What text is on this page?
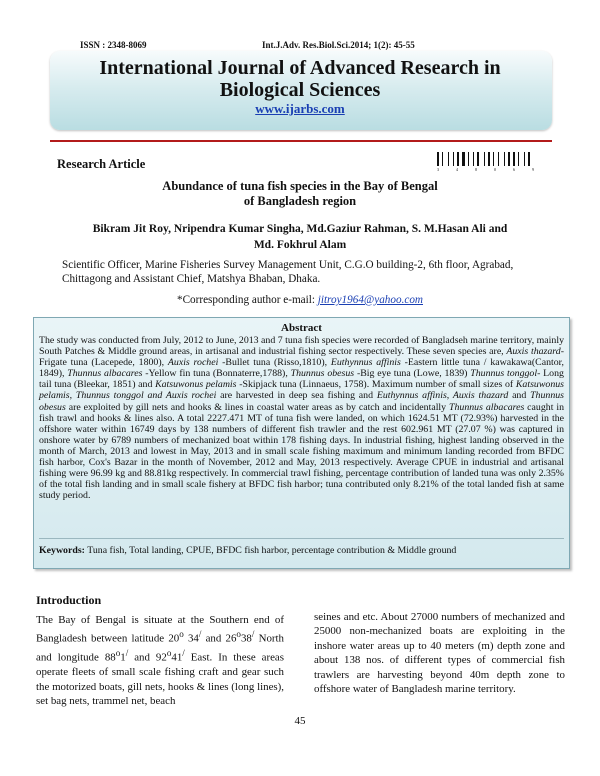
ISSN : 2348-8069	Int.J.Adv. Res.Biol.Sci.2014; 1(2): 45-55
International Journal of Advanced Research in
Biological Sciences
www.ijarbs.com
Research Article	3 4 8 0 6 9
Abundance of tuna fish species in the Bay of Bengal
of Bangladesh region
Bikram Jit Roy, Nripendra Kumar Singha, Md.Gaziur Rahman, S. M.Hasan Ali and
Md. Fokhrul Alam
Scientific Officer, Marine Fisheries Survey Management Unit, C.G.O building-2, 6th floor, Agrabad,
Chittagong and Assistant Chief, Matshya Bhaban, Dhaka.
*Corresponding author e-mail: jitroy1964@yahoo.com
Abstract
The study was conducted from July, 2012 to June, 2013 and 7 tuna fish species were recorded of Bangladseh marine territory, mainly South Patches & Middle ground areas, in artisanal and industrial fishing sector respectively. These seven species are, Auxis thazard- Frigate tuna (Lacepede, 1800), Auxis rochei -Bullet tuna (Risso,1810), Euthynnus affinis -Eastern little tuna / kawakawa(Cantor, 1849), Thunnus albacares -Yellow fin tuna (Bonnaterre,1788), Thunnus obesus -Big eye tuna (Lowe, 1839) Thunnus tonggol- Long tail tuna (Bleekar, 1851) and Katsuwonus pelamis -Skipjack tuna (Linnaeus, 1758). Maximum number of small sizes of Katsuwonus pelamis, Thunnus tonggol and Auxis rochei are harvested in deep sea fishing and Euthynnus affinis, Auxis thazard and Thunnus obesus are exploited by gill nets and hooks & lines in coastal water areas as by catch and incidentally Thunnus albacares caught in fish trawl and hooks & lines also. A total 2227.471 MT of tuna fish were landed, on which 1624.51 MT (72.93%) harvested in the offshore water within 16749 days by 138 numbers of different fish trawler and the rest 602.961 MT (27.07 %) was captured in onshore water by 6789 numbers of mechanized boat within 178 fishing days. In industrial fishing, highest landing observed in the month of March, 2013 and lowest in May, 2013 and in small scale fishing maximum and minimum landing recorded from BFDC fish harbor, Cox's Bazar in the month of November, 2012 and May, 2013 respectively. Average CPUE in industrial and artisanal fishing were 96.99 kg and 88.81kg respectively. In commercial trawl fishing, percentage contribution of landed tuna was only 2.35% of the total fish landing and in small scale fishery at BFDC fish harbor; tuna contributed only 8.21% of the total landed fish at same study period.
Keywords: Tuna fish, Total landing, CPUE, BFDC fish harbor, percentage contribution & Middle ground
Introduction
The Bay of Bengal is situate at the Southern end of Bangladesh between latitude 20$^o$ 34/ and 26$^o$38/ North and longitude 88$^o$1/ and 92$^o$41/ East. In these areas operate fleets of small scale fishing craft and gear such the motorized boats, gill nets, hooks & lines (long lines), set bag nets, trammel net, beach
seines and etc. About 27000 numbers of mechanized and 25000 non-mechanized boats are exploiting in the inshore water areas up to 40 meters (m) depth zone and about 138 nos. of different types of commercial fish trawlers are harvesting beyond 40m depth zone to offshore water of Bangladesh marine territory.
45
